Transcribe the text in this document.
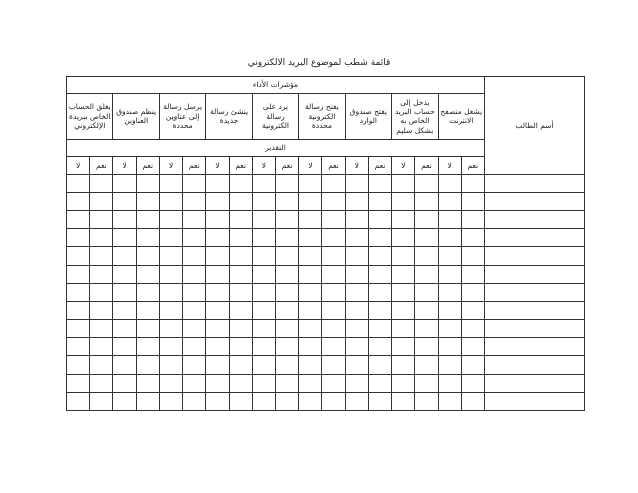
قائمة شطب لموضوع البريد الالكتروني
أسم الطالب	مؤشرات الأداء																	
	يشغل متصفح الانترنت		يدخل إلى حساب البريد الخاص به بشكل سليم		يفتح صندوق الوارد		يفتح رسالة الكترونية محددة		يرد على رسالة الكترونية		ينشئ رسالة جديدة		يرسل رسالة إلى عناوين محددة		ينظم صندوق العناوين		يغلق الحساب الخاص ببريدة الإلكتروني	
	التقدير																	
	نعم	لا	نعم	لا	نعم	لا	نعم	لا	نعم	لا	نعم	لا	نعم	لا	نعم	لا	نعم	لا
